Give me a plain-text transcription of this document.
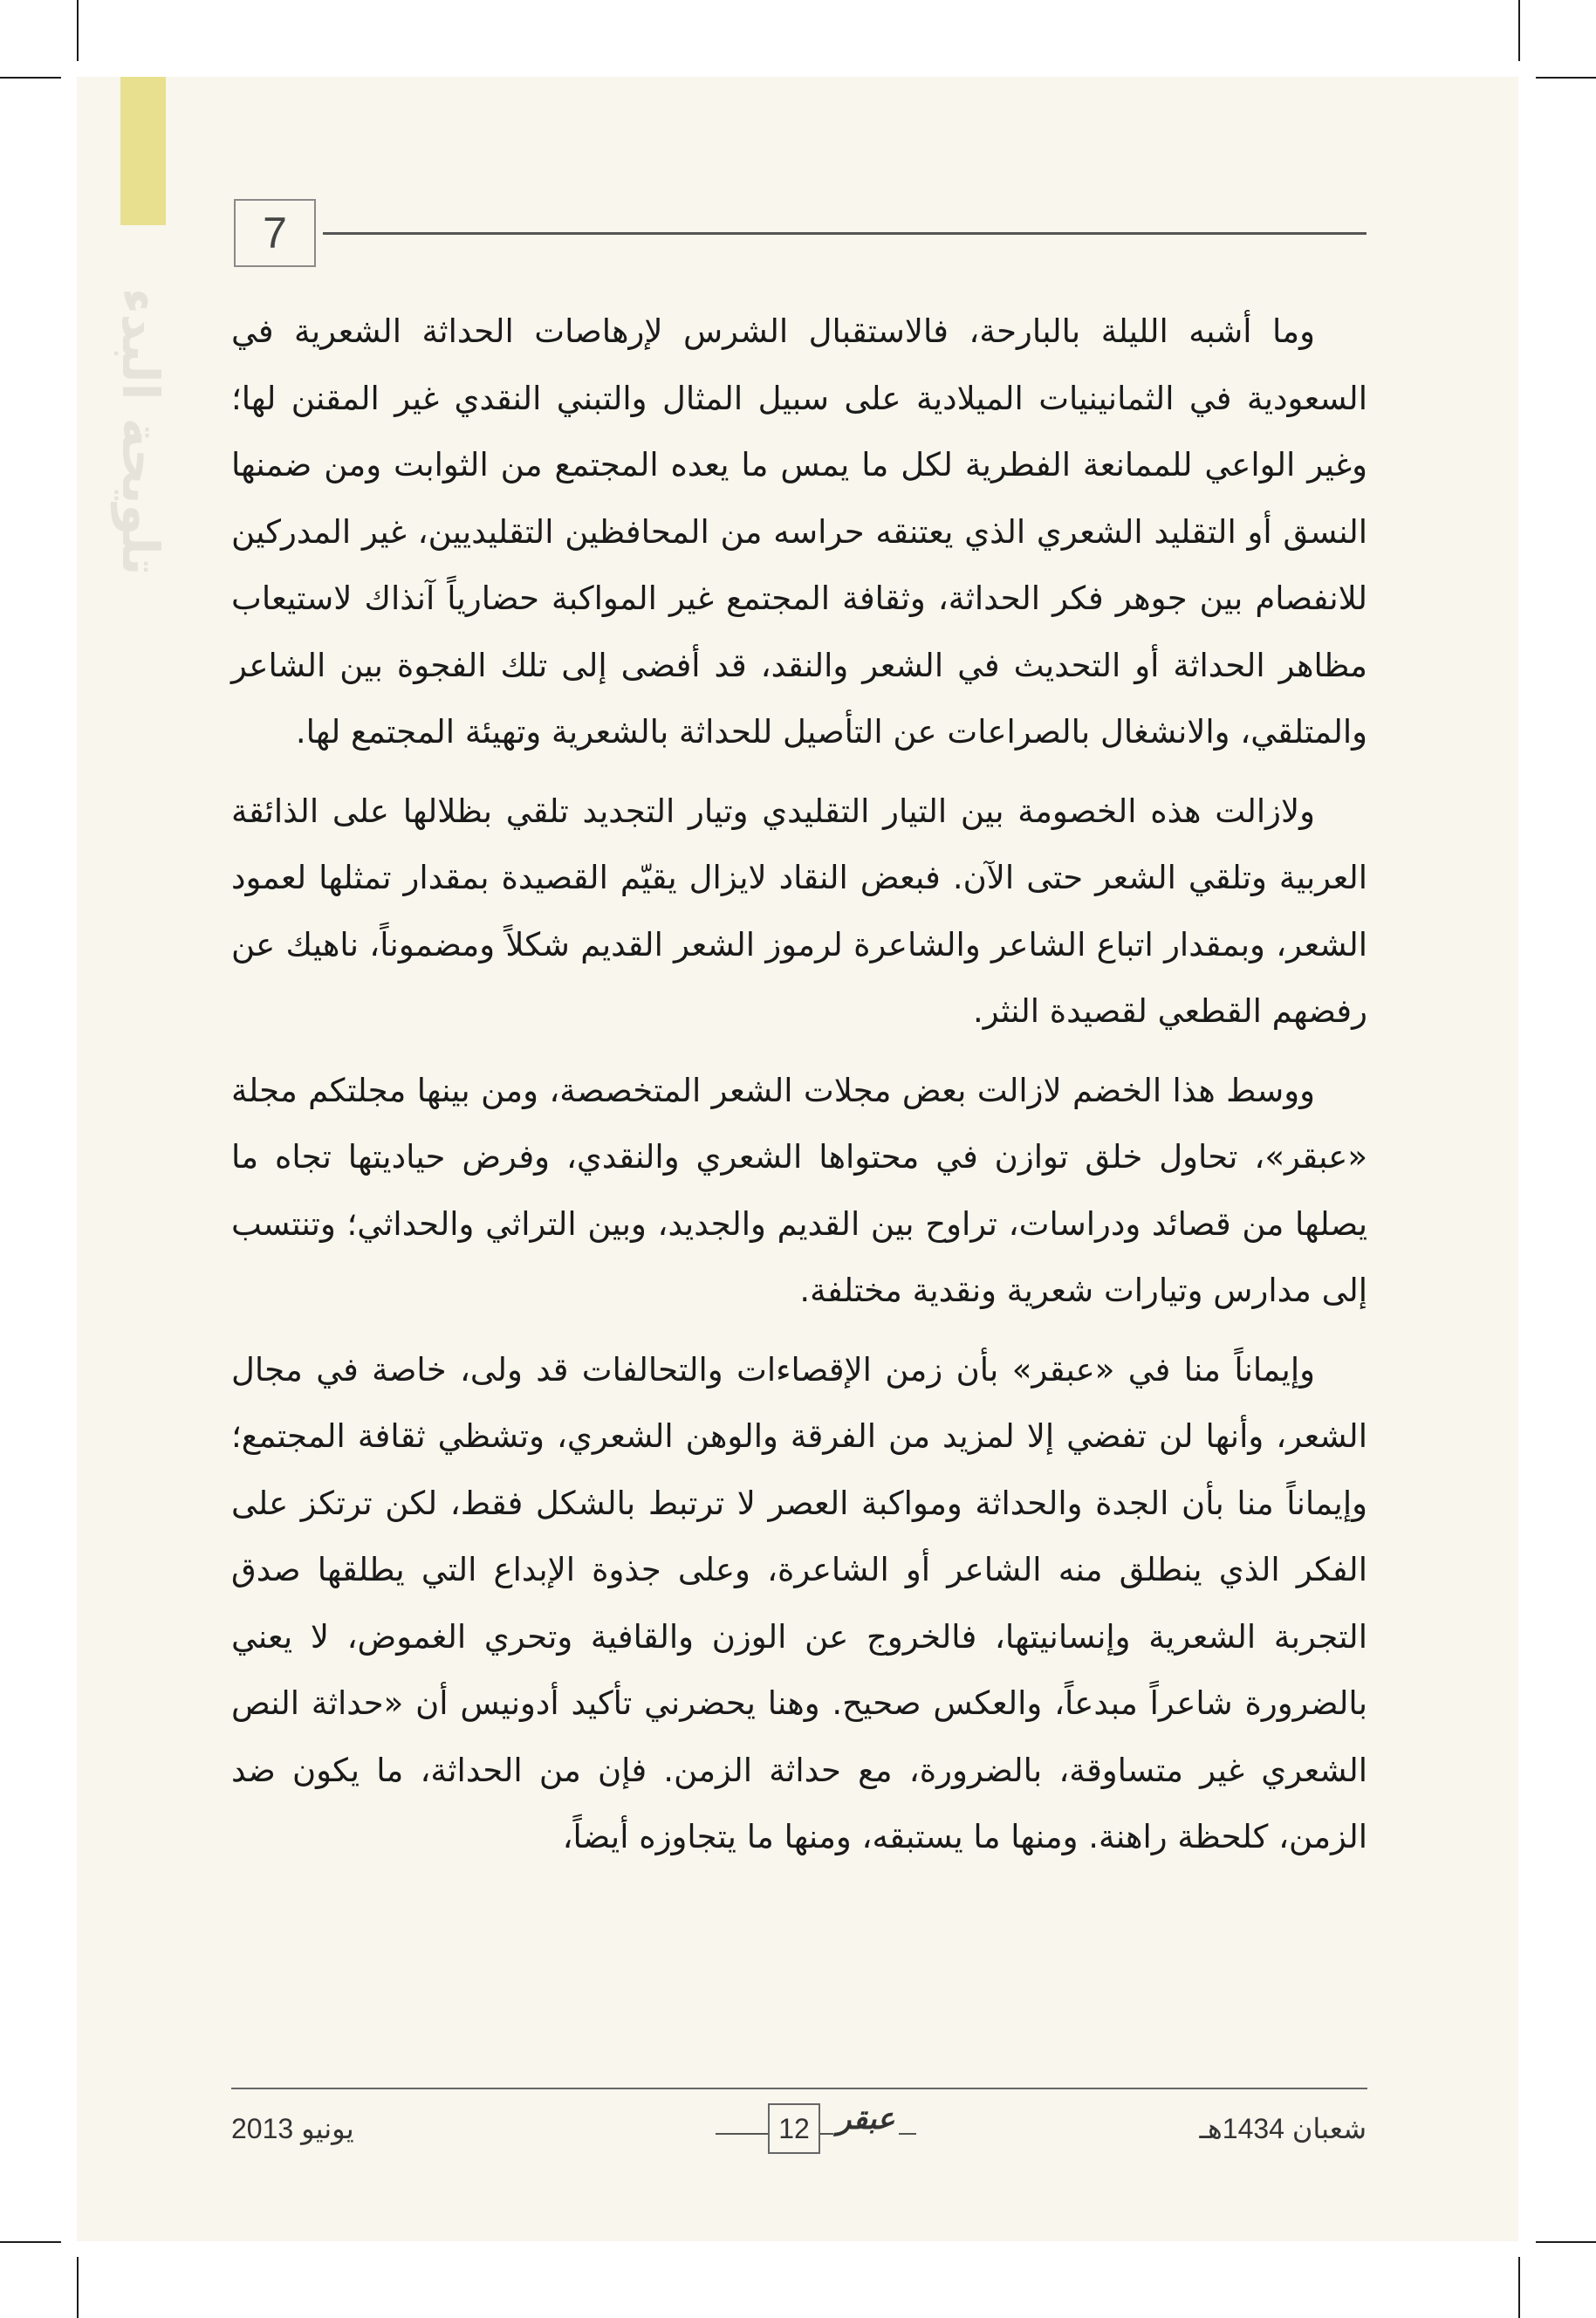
تلويحة البدء
7

وما أشبه الليلة بالبارحة، فالاستقبال الشرس لإرهاصات الحداثة الشعرية في السعودية في الثمانينيات الميلادية على سبيل المثال والتبني النقدي غير المقنن لها؛ وغير الواعي للممانعة الفطرية لكل ما يمس ما يعده المجتمع من الثوابت ومن ضمنها النسق أو التقليد الشعري الذي يعتنقه حراسه من المحافظين التقليديين، غير المدركين للانفصام بين جوهر فكر الحداثة، وثقافة المجتمع غير المواكبة حضارياً آنذاك لاستيعاب مظاهر الحداثة أو التحديث في الشعر والنقد، قد أفضى إلى تلك الفجوة بين الشاعر والمتلقي، والانشغال بالصراعات عن التأصيل للحداثة بالشعرية وتهيئة المجتمع لها.

ولازالت هذه الخصومة بين التيار التقليدي وتيار التجديد تلقي بظلالها على الذائقة العربية وتلقي الشعر حتى الآن. فبعض النقاد لايزال يقيّم القصيدة بمقدار تمثلها لعمود الشعر، وبمقدار اتباع الشاعر والشاعرة لرموز الشعر القديم شكلاً ومضموناً، ناهيك عن رفضهم القطعي لقصيدة النثر.

ووسط هذا الخضم لازالت بعض مجلات الشعر المتخصصة، ومن بينها مجلتكم مجلة «عبقر»، تحاول خلق توازن في محتواها الشعري والنقدي، وفرض حياديتها تجاه ما يصلها من قصائد ودراسات، تراوح بين القديم والجديد، وبين التراثي والحداثي؛ وتنتسب إلى مدارس وتيارات شعرية ونقدية مختلفة.

وإيماناً منا في «عبقر» بأن زمن الإقصاءات والتحالفات قد ولى، خاصة في مجال الشعر، وأنها لن تفضي إلا لمزيد من الفرقة والوهن الشعري، وتشظي ثقافة المجتمع؛ وإيماناً منا بأن الجدة والحداثة ومواكبة العصر لا ترتبط بالشكل فقط، لكن ترتكز على الفكر الذي ينطلق منه الشاعر أو الشاعرة، وعلى جذوة الإبداع التي يطلقها صدق التجربة الشعرية وإنسانيتها، فالخروج عن الوزن والقافية وتحري الغموض، لا يعني بالضرورة شاعراً مبدعاً، والعكس صحيح. وهنا يحضرني تأكيد أدونيس أن «حداثة النص الشعري غير متساوقة، بالضرورة، مع حداثة الزمن. فإن من الحداثة، ما يكون ضد الزمن، كلحظة راهنة. ومنها ما يستبقه، ومنها ما يتجاوزه أيضاً،

يونيو 2013	12 عبقر	شعبان 1434هـ
